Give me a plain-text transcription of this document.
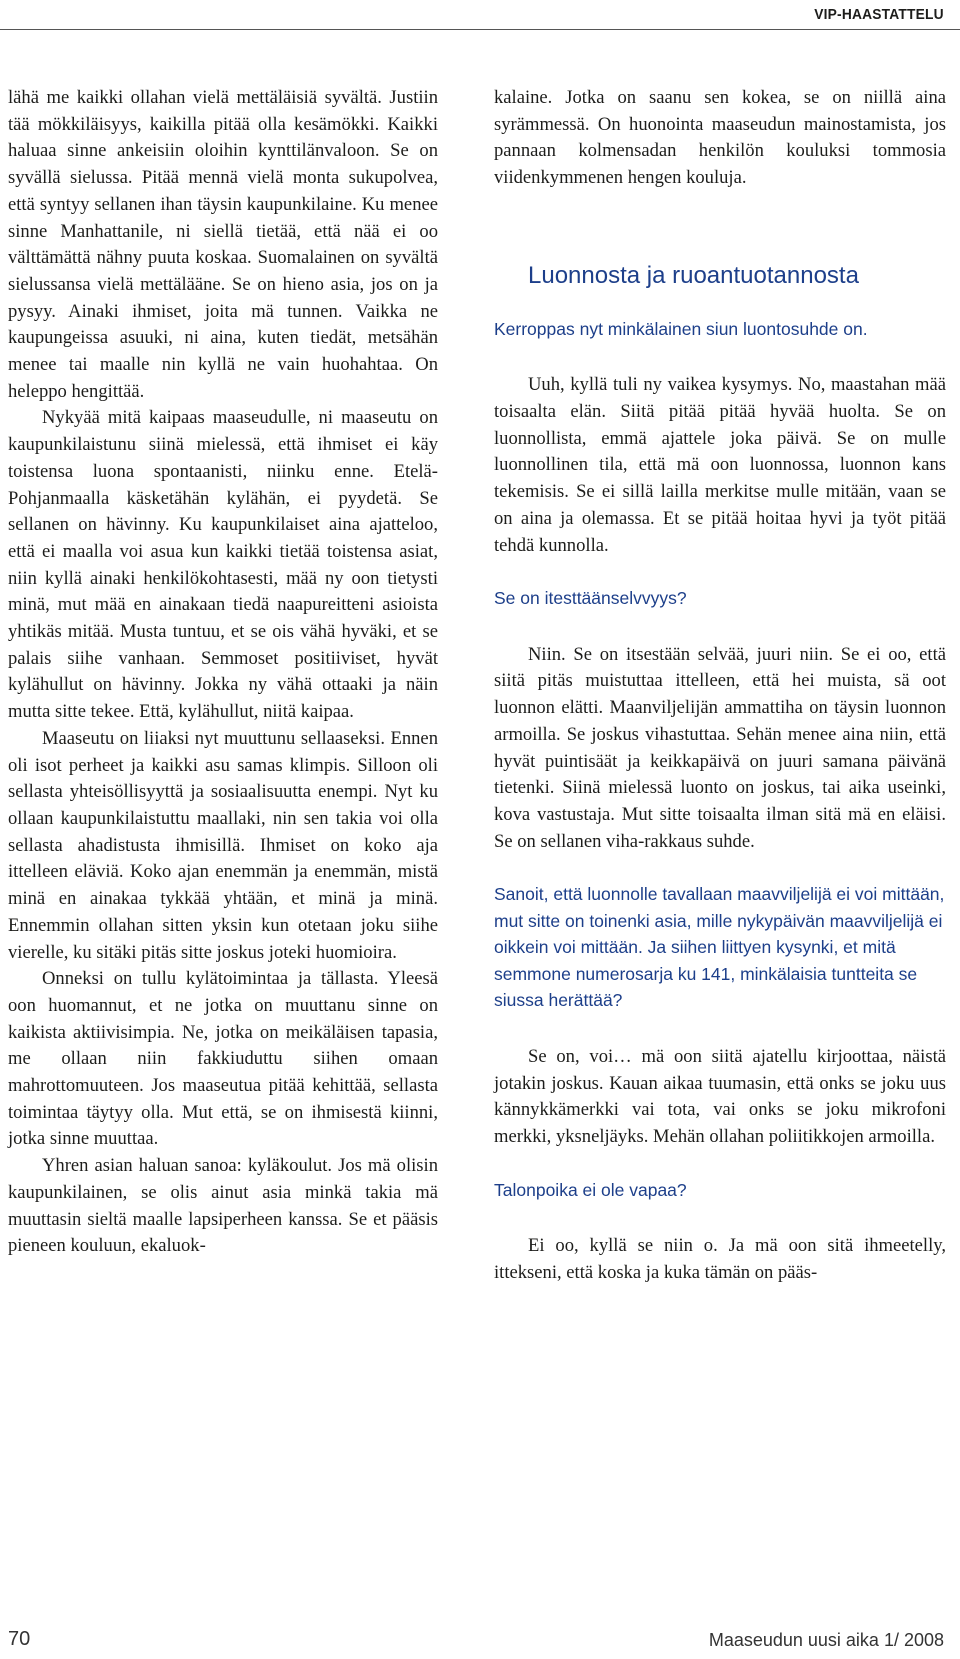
VIP-HAASTATTELU

lähä me kaikki ollahan vielä mettäläisiä syvältä. Justiin tää mökkiläisyys, kaikilla pitää olla kesämökki. Kaikki haluaa sinne ankeisiin oloihin kynttilänvaloon. Se on syvällä sielussa. Pitää mennä vielä monta sukupolvea, että syntyy sellanen ihan täysin kaupunkilaine. Ku menee sinne Manhattanile, ni siellä tietää, että nää ei oo välttämättä nähny puuta koskaa. Suomalainen on syvältä sielussansa vielä mettälääne. Se on hieno asia, jos on ja pysyy. Ainaki ihmiset, joita mä tunnen. Vaikka ne kaupungeissa asuuki, ni aina, kuten tiedät, metsähän menee tai maalle nin kyllä ne vain huohahtaa. On heleppo hengittää.

Nykyää mitä kaipaas maaseudulle, ni maaseutu on kaupunkilaistunu siinä mielessä, että ihmiset ei käy toistensa luona spontaanisti, niinku enne. Etelä-Pohjanmaalla käsketähän kylähän, ei pyydetä. Se sellanen on hävinny. Ku kaupunkilaiset aina ajatteloo, että ei maalla voi asua kun kaikki tietää toistensa asiat, niin kyllä ainaki henkilökohtasesti, mää ny oon tietysti minä, mut mää en ainakaan tiedä naapureitteni asioista yhtikäs mitää. Musta tuntuu, et se ois vähä hyväki, et se palais siihe vanhaan. Semmoset positiiviset, hyvät kylähullut on hävinny. Jokka ny vähä ottaaki ja näin mutta sitte tekee. Että, kylähullut, niitä kaipaa.

Maaseutu on liiaksi nyt muuttunu sellaaseksi. Ennen oli isot perheet ja kaikki asu samas klimpis. Silloon oli sellasta yhteisöllisyyttä ja sosiaalisuutta enempi. Nyt ku ollaan kaupunkilaistuttu maallaki, nin sen takia voi olla sellasta ahadistusta ihmisillä. Ihmiset on koko aja ittelleen eläviä. Koko ajan enemmän ja enemmän, mistä minä en ainakaa tykkää yhtään, et minä ja minä. Ennemmin ollahan sitten yksin kun otetaan joku siihe vierelle, ku sitäki pitäs sitte joskus joteki huomioira.

Onneksi on tullu kylätoimintaa ja tällasta. Yleesä oon huomannut, et ne jotka on muuttanu sinne on kaikista aktiivisimpia. Ne, jotka on meikäläisen tapasia, me ollaan niin fakkiuduttu siihen omaan mahrottomuuteen. Jos maaseutua pitää kehittää, sellasta toimintaa täytyy olla. Mut että, se on ihmisestä kiinni, jotka sinne muuttaa.

Yhren asian haluan sanoa: kyläkoulut. Jos mä olisin kaupunkilainen, se olis ainut asia minkä takia mä muuttasin sieltä maalle lapsiperheen kanssa. Se et pääsis pieneen kouluun, ekaluok-

kalaine. Jotka on saanu sen kokea, se on niillä aina syrämmessä. On huonointa maaseudun mainostamista, jos pannaan kolmensadan henkilön kouluksi tommosia viidenkymmenen hengen kouluja.

Luonnosta ja ruoantuotannosta

Kerroppas nyt minkälainen siun luontosuhde on.

Uuh, kyllä tuli ny vaikea kysymys. No, maastahan mää toisaalta elän. Siitä pitää pitää hyvää huolta. Se on luonnollista, emmä ajattele joka päivä. Se on mulle luonnollinen tila, että mä oon luonnossa, luonnon kans tekemisis. Se ei sillä lailla merkitse mulle mitään, vaan se on aina ja olemassa. Et se pitää hoitaa hyvi ja työt pitää tehdä kunnolla.

Se on itesttäänselvvyys?

Niin. Se on itsestään selvää, juuri niin. Se ei oo, että siitä pitäs muistuttaa ittelleen, että hei muista, sä oot luonnon elätti. Maanviljelijän ammattiha on täysin luonnon armoilla. Se joskus vihastuttaa. Sehän menee aina niin, että hyvät puintisäät ja keikkapäivä on juuri samana päivänä tietenki. Siinä mielessä luonto on joskus, tai aika useinki, kova vastustaja. Mut sitte toisaalta ilman sitä mä en eläisi. Se on sellanen viha-rakkaus suhde.

Sanoit, että luonnolle tavallaan maavviljelijä ei voi mittään, mut sitte on toinenki asia, mille nykypäivän maavviljelijä ei oikkein voi mittään. Ja siihen liittyen kysynki, et mitä semmone numerosarja ku 141, minkälaisia tuntteita se siussa herättää?

Se on, voi… mä oon siitä ajatellu kirjoottaa, näistä jotakin joskus. Kauan aikaa tuumasin, että onks se joku uus kännykkämerkki vai tota, vai onks se joku mikrofoni merkki, yksneljäyks. Mehän ollahan poliitikkojen armoilla.

Talonpoika ei ole vapaa?

Ei oo, kyllä se niin o. Ja mä oon sitä ihmeetelly, ittekseni, että koska ja kuka tämän on pääs-

70	Maaseudun uusi aika 1/ 2008
